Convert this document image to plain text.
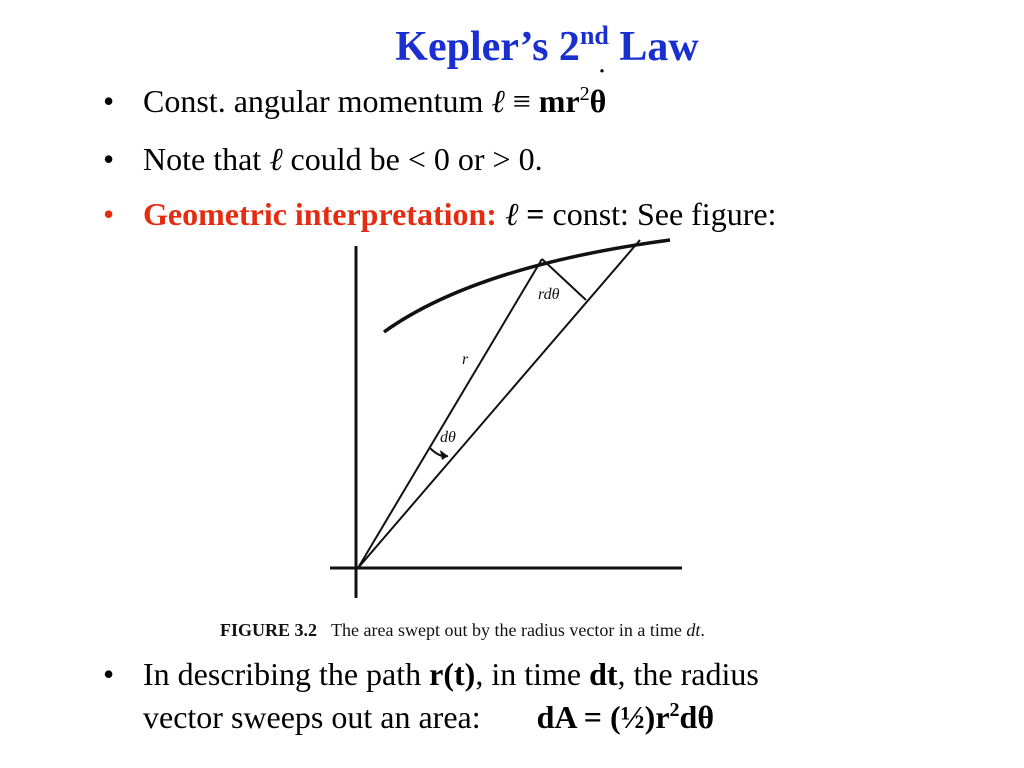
Kepler’s 2nd Law
• Const. angular momentum ℓ ≡ $mr^2\theta$ ˙
• Note that ℓ could be < 0 or > 0.
• Geometric interpretation: ℓ = const: See figure:
rdθ
r
dθ
FIGURE 3.2 The area swept out by the radius vector in a time dt.
• In describing the path r(t), in time dt, the radius
vector sweeps out an area: dA = $(\frac{1}{2})r^2d\theta$
